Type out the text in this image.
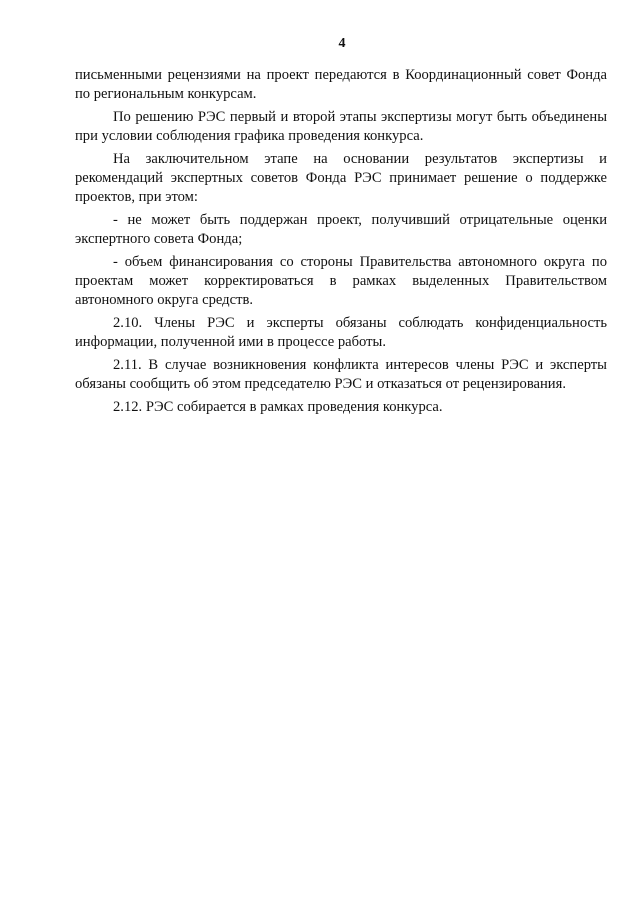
4

письменными рецензиями на проект передаются в Координационный совет Фонда по региональным конкурсам.

По решению РЭС первый и второй этапы экспертизы могут быть объединены при условии соблюдения графика проведения конкурса.

На заключительном этапе на основании результатов экспертизы и рекомендаций экспертных советов Фонда РЭС принимает решение о поддержке проектов, при этом:

- не может быть поддержан проект, получивший отрицательные оценки экспертного совета Фонда;

- объем финансирования со стороны Правительства автономного округа по проектам может корректироваться в рамках выделенных Правительством автономного округа средств.

2.10. Члены РЭС и эксперты обязаны соблюдать конфиденциальность информации, полученной ими в процессе работы.

2.11. В случае возникновения конфликта интересов члены РЭС и эксперты обязаны сообщить об этом председателю РЭС и отказаться от рецензирования.

2.12. РЭС собирается в рамках проведения конкурса.
